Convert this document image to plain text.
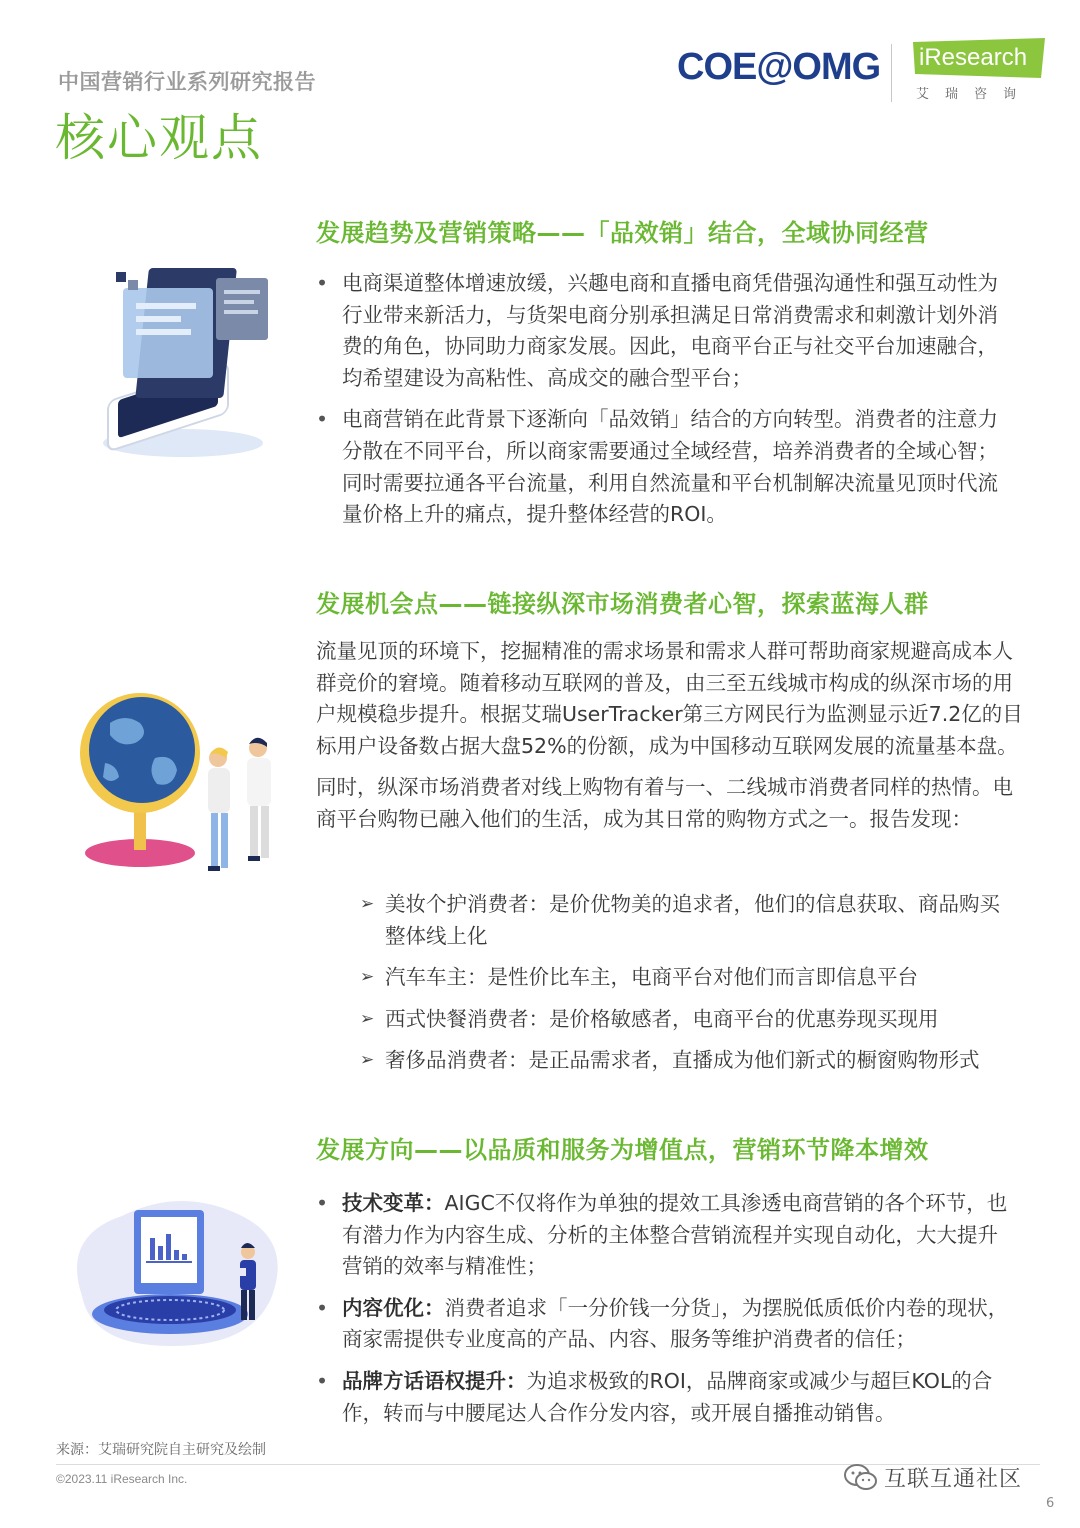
中国营销行业系列研究报告
核心观点
COE@OMG iResearch
艾瑞咨询
发展趋势及营销策略——「品效销」结合，全域协同经营
• 电商渠道整体增速放缓，兴趣电商和直播电商凭借强沟通性和强互动性为行业带来新活力，与货架电商分别承担满足日常消费需求和刺激计划外消费的角色，协同助力商家发展。因此，电商平台正与社交平台加速融合，均希望建设为高粘性、高成交的融合型平台；
• 电商营销在此背景下逐渐向「品效销」结合的方向转型。消费者的注意力分散在不同平台，所以商家需要通过全域经营，培养消费者的全域心智；同时需要拉通各平台流量，利用自然流量和平台机制解决流量见顶时代流量价格上升的痛点，提升整体经营的ROI。
发展机会点——链接纵深市场消费者心智，探索蓝海人群

流量见顶的环境下，挖掘精准的需求场景和需求人群可帮助商家规避高成本人群竞价的窘境。随着移动互联网的普及，由三至五线城市构成的纵深市场的用户规模稳步提升。根据艾瑞UserTracker第三方网民行为监测显示近7.2亿的目标用户设备数占据大盘52%的份额，成为中国移动互联网发展的流量基本盘。

同时，纵深市场消费者对线上购物有着与一、二线城市消费者同样的热情。电商平台购物已融入他们的生活，成为其日常的购物方式之一。报告发现：

➢ 美妆个护消费者：是价优物美的追求者，他们的信息获取、商品购买整体线上化
➢ 汽车车主：是性价比车主，电商平台对他们而言即信息平台
➢ 西式快餐消费者：是价格敏感者，电商平台的优惠券现买现用
➢ 奢侈品消费者：是正品需求者，直播成为他们新式的橱窗购物形式
发展方向——以品质和服务为增值点，营销环节降本增效
• 技术变革：AIGC不仅将作为单独的提效工具渗透电商营销的各个环节，也有潜力作为内容生成、分析的主体整合营销流程并实现自动化，大大提升营销的效率与精准性；
• 内容优化：消费者追求「一分价钱一分货」，为摆脱低质低价内卷的现状，商家需提供专业度高的产品、内容、服务等维护消费者的信任；
• 品牌方话语权提升：为追求极致的ROI，品牌商家或减少与超巨KOL的合作，转而与中腰尾达人合作分发内容，或开展自播推动销售。
来源：艾瑞研究院自主研究及绘制
©2023.11 iResearch Inc.	互联互通社区
6
